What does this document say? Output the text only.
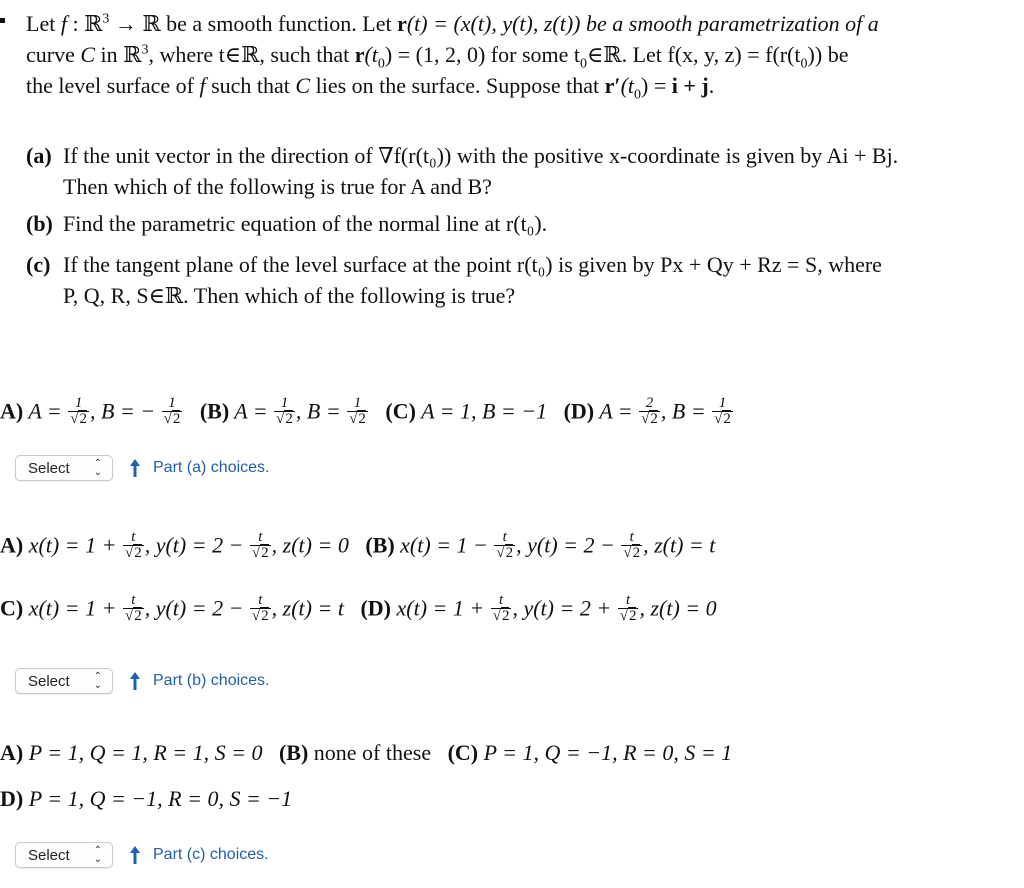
Let f : ℝ$^3$ → ℝ be a smooth function. Let r(t) = (x(t), y(t), z(t)) be a smooth parametrization of a
curve C in ℝ$^3$, where t∈ℝ, such that $r(t_0) = (1$, 2, 0) for some $t_0\in ℝ$. Let f(x, y, $z) = f(r(t_0))$ be
the level surface of f such that C lies on the surface. Suppose that $r'(t_0) = i + j$.
(a) If the unit vector in the direction of ∇f(r(t₀)) with the positive x-coordinate is given by Ai + Bj.
Then which of the following is true for A and B?
(b) Find the parametric equation of the normal line at r(t₀).
(c) If the tangent plane of the level surface at the point r(t₀) is given by Px + Qy + Rz = S, where
P, Q, R, S∈ℝ. Then which of the following is true?
A) $A = \frac{1}{√2}$ , B = − $\frac{1}{√2} (B) A = \frac{1}{√2}$ , $B = \frac{1}{√2} (C) A = 1$, B = −1 (D) $A = \frac{2}{√2}$ , $B = \frac{1}{√2}$
Select ⌃
⌄	Part (a) choices.
A) $x(t) = 1 + \frac{t}{√2}$ , $y(t) = 2 - \frac{t}{√2}$ , z(t) = 0 (B) $x(t) = 1 - \frac{t}{√2}$ , $y(t) = 2 - \frac{t}{√2}$ , z(t) = t
C) $x(t) = 1 + \frac{t}{√2}$ , $y(t) = 2 - \frac{t}{√2}$ , z(t) = t (D) $x(t) = 1 + \frac{t}{√2}$ , $y(t) = 2 + \frac{t}{√2}$ , z(t) = 0
Select ⌃
⌄	Part (b) choices.
A) P = 1, Q = 1, R = 1, S = 0 (B) none of these (C) P = 1, Q = −1, R = 0, S = 1
D) P = 1, Q = −1, R = 0, S = −1
Select ⌃
⌄	Part (c) choices.
